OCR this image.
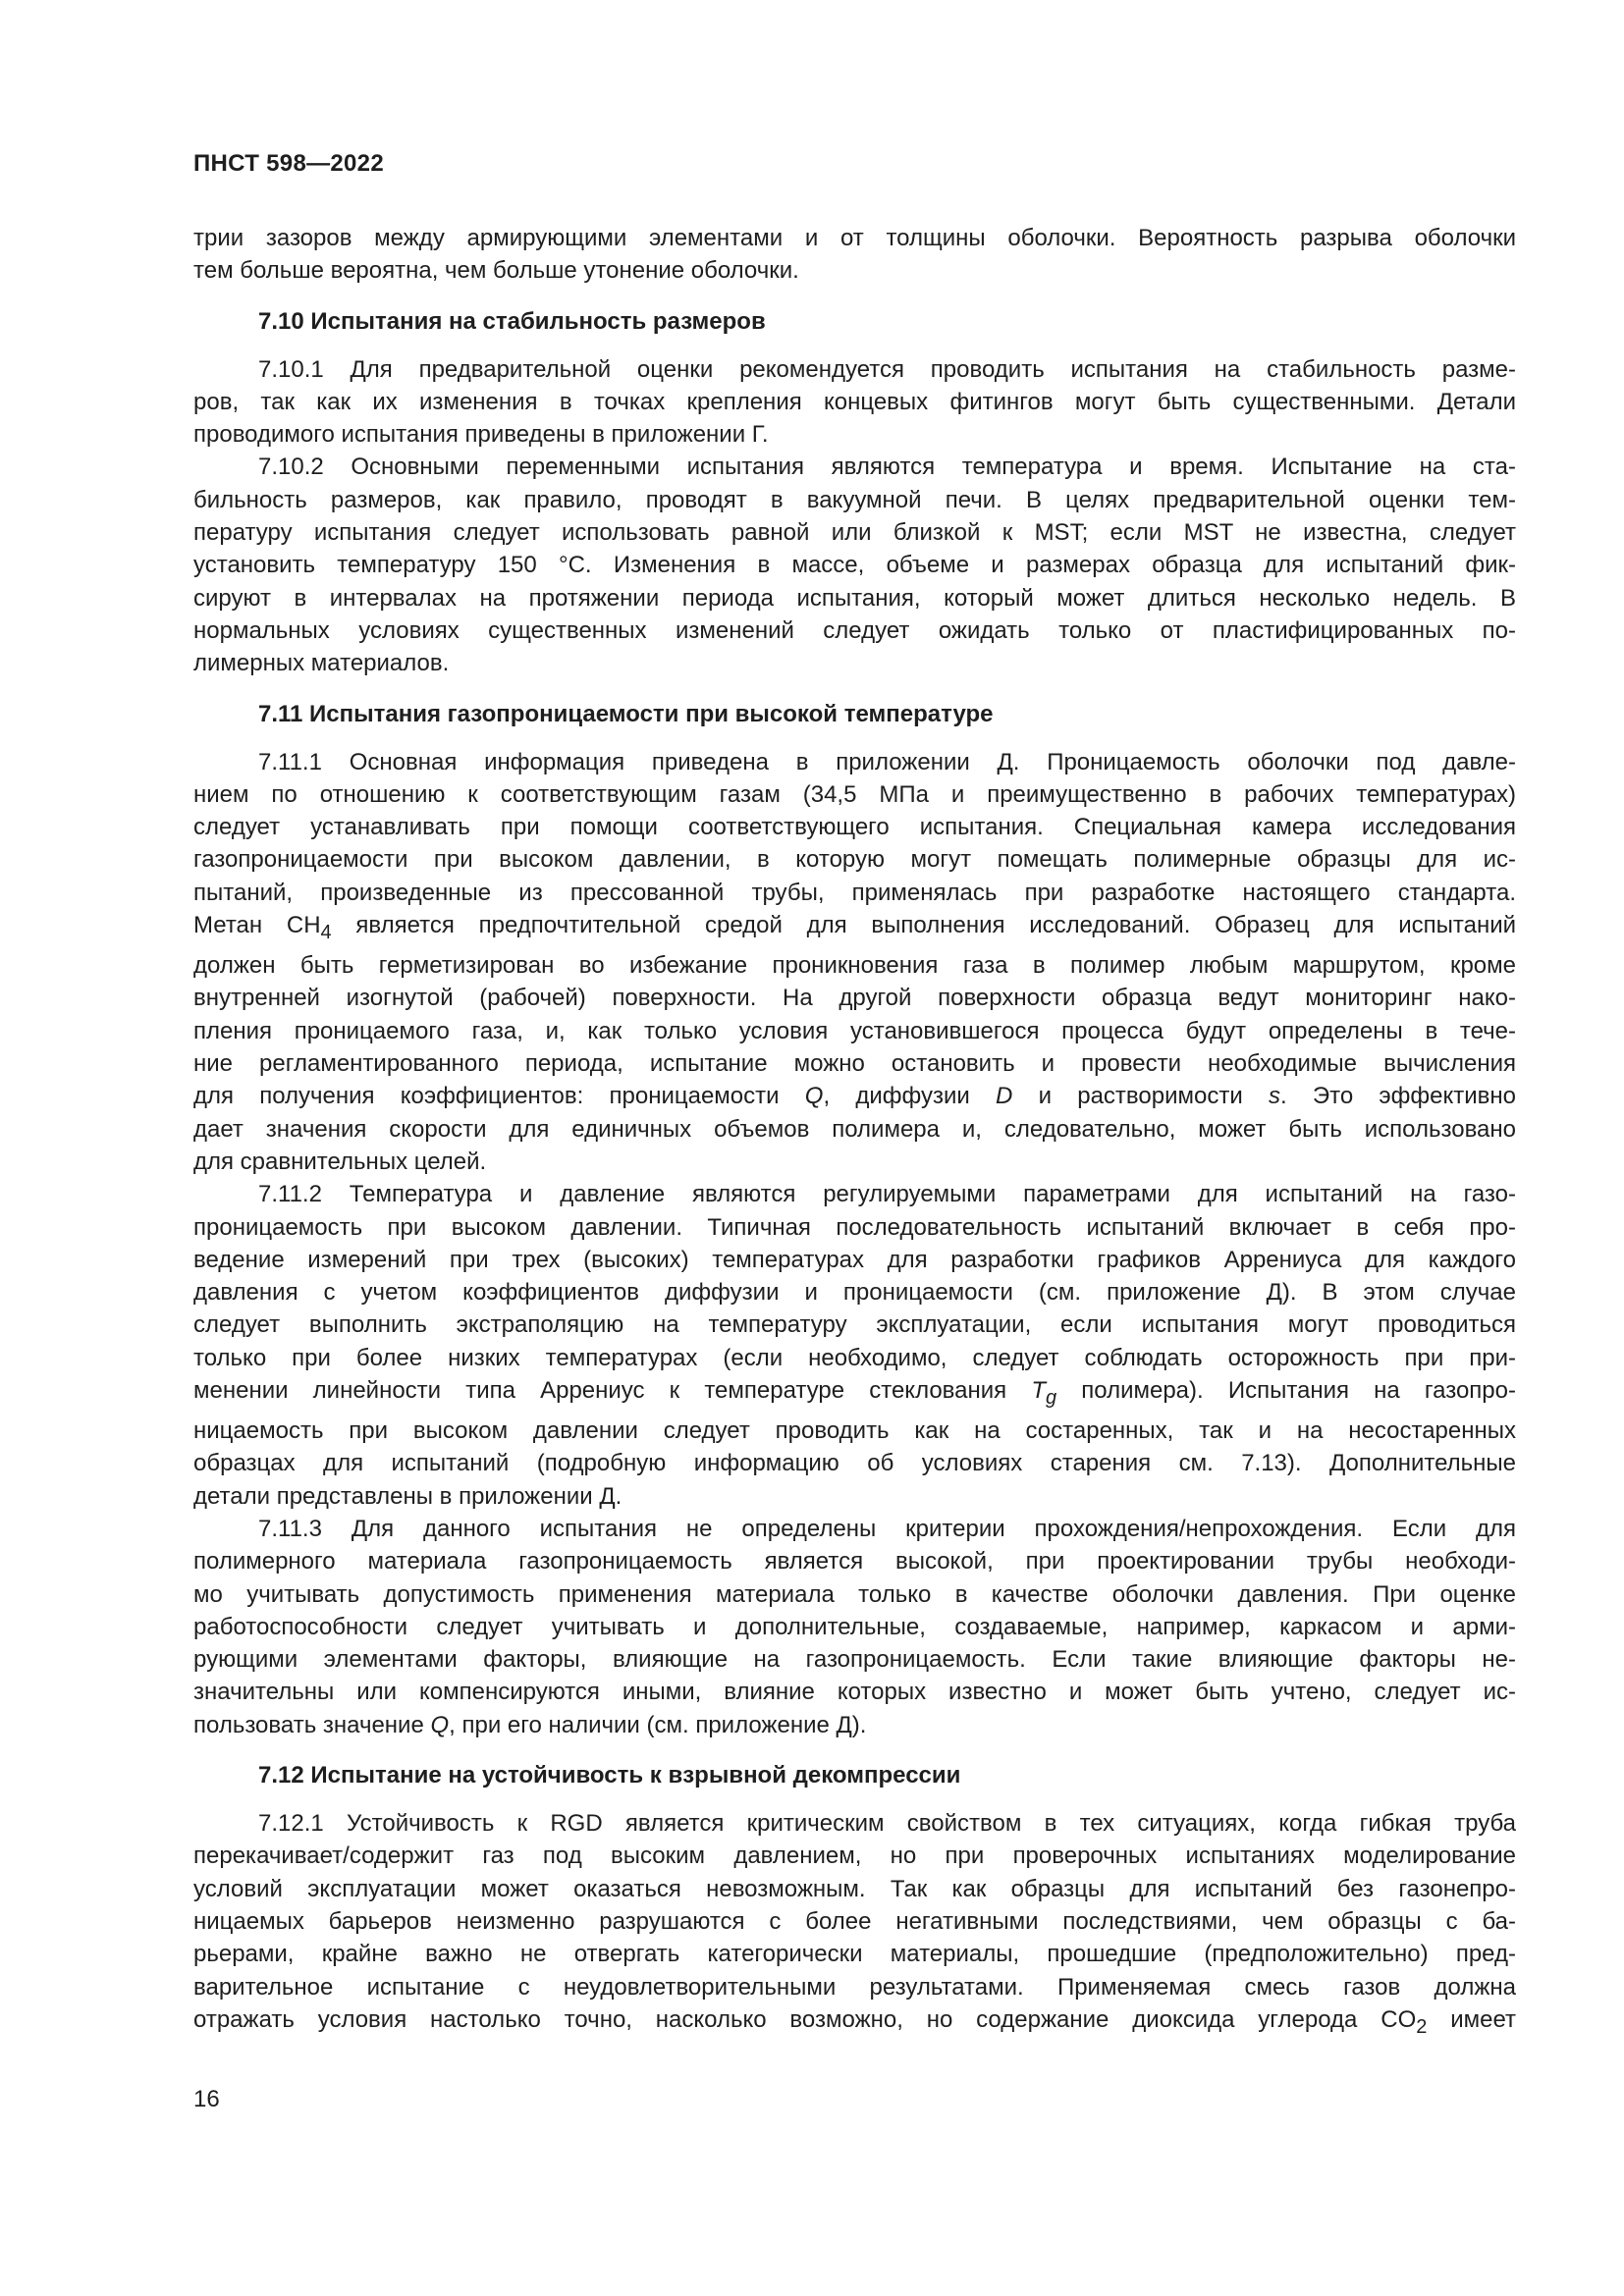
ПНСТ 598—2022
трии зазоров между армирующими элементами и от толщины оболочки. Вероятность разрыва оболочки
тем больше вероятна, чем больше утонение оболочки.
7.10 Испытания на стабильность размеров
7.10.1 Для предварительной оценки рекомендуется проводить испытания на стабильность разме-
ров, так как их изменения в точках крепления концевых фитингов могут быть существенными. Детали
проводимого испытания приведены в приложении Г.
7.10.2 Основными переменными испытания являются температура и время. Испытание на ста-
бильность размеров, как правило, проводят в вакуумной печи. В целях предварительной оценки тем-
пературу испытания следует использовать равной или близкой к MST; если MST не известна, следует
установить температуру 150 °С. Изменения в массе, объеме и размерах образца для испытаний фик-
сируют в интервалах на протяжении периода испытания, который может длиться несколько недель. В
нормальных условиях существенных изменений следует ожидать только от пластифицированных по-
лимерных материалов.
7.11 Испытания газопроницаемости при высокой температуре
7.11.1 Основная информация приведена в приложении Д. Проницаемость оболочки под давле-
нием по отношению к соответствующим газам (34,5 МПа и преимущественно в рабочих температурах)
следует устанавливать при помощи соответствующего испытания. Специальная камера исследования
газопроницаемости при высоком давлении, в которую могут помещать полимерные образцы для ис-
пытаний, произведенные из прессованной трубы, применялась при разработке настоящего стандарта.
Метан $CH_4$ является предпочтительной средой для выполнения исследований. Образец для испытаний
должен быть герметизирован во избежание проникновения газа в полимер любым маршрутом, кроме
внутренней изогнутой (рабочей) поверхности. На другой поверхности образца ведут мониторинг нако-
пления проницаемого газа, и, как только условия установившегося процесса будут определены в тече-
ние регламентированного периода, испытание можно остановить и провести необходимые вычисления
для получения коэффициентов: проницаемости Q, диффузии D и растворимости s. Это эффективно
дает значения скорости для единичных объемов полимера и, следовательно, может быть использовано
для сравнительных целей.
7.11.2 Температура и давление являются регулируемыми параметрами для испытаний на газо-
проницаемость при высоком давлении. Типичная последовательность испытаний включает в себя про-
ведение измерений при трех (высоких) температурах для разработки графиков Аррениуса для каждого
давления с учетом коэффициентов диффузии и проницаемости (см. приложение Д). В этом случае
следует выполнить экстраполяцию на температуру эксплуатации, если испытания могут проводиться
только при более низких температурах (если необходимо, следует соблюдать осторожность при при-
менении линейности типа Аррениус к температуре стеклования $T_g$ полимера). Испытания на газопро-
ницаемость при высоком давлении следует проводить как на состаренных, так и на несостаренных
образцах для испытаний (подробную информацию об условиях старения см. 7.13). Дополнительные
детали представлены в приложении Д.
7.11.3 Для данного испытания не определены критерии прохождения/непрохождения. Если для
полимерного материала газопроницаемость является высокой, при проектировании трубы необходи-
мо учитывать допустимость применения материала только в качестве оболочки давления. При оценке
работоспособности следует учитывать и дополнительные, создаваемые, например, каркасом и арми-
рующими элементами факторы, влияющие на газопроницаемость. Если такие влияющие факторы не-
значительны или компенсируются иными, влияние которых известно и может быть учтено, следует ис-
пользовать значение Q, при его наличии (см. приложение Д).
7.12 Испытание на устойчивость к взрывной декомпрессии
7.12.1 Устойчивость к RGD является критическим свойством в тех ситуациях, когда гибкая труба
перекачивает/содержит газ под высоким давлением, но при проверочных испытаниях моделирование
условий эксплуатации может оказаться невозможным. Так как образцы для испытаний без газонепро-
ницаемых барьеров неизменно разрушаются с более негативными последствиями, чем образцы с ба-
рьерами, крайне важно не отвергать категорически материалы, прошедшие (предположительно) пред-
варительное испытание с неудовлетворительными результатами. Применяемая смесь газов должна
отражать условия настолько точно, насколько возможно, но содержание диоксида углерода $CO_2$ имеет
16
